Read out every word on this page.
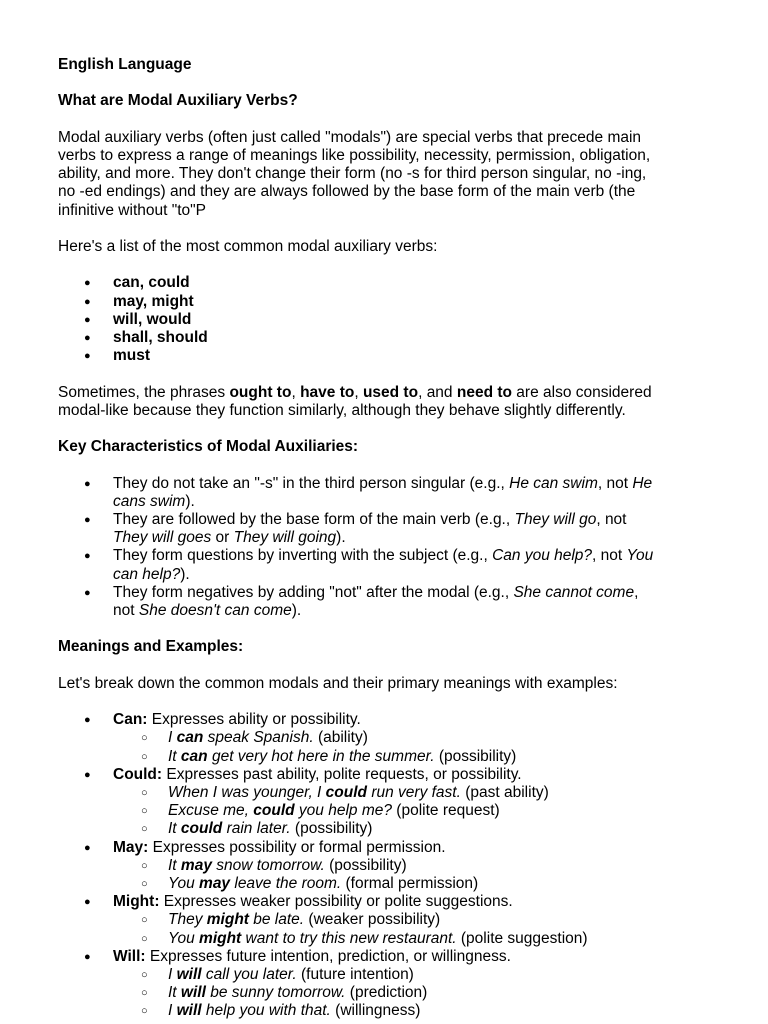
English Language

What are Modal Auxiliary Verbs?

Modal auxiliary verbs (often just called "modals") are special verbs that precede main

verbs to express a range of meanings like possibility, necessity, permission, obligation,

ability, and more. They don't change their form (no -s for third person singular, no -ing,

no -ed endings) and they are always followed by the base form of the main verb (the

infinitive without "to"P

Here's a list of the most common modal auxiliary verbs:

● can, could
● may, might
● will, would
● shall, should
● must

Sometimes, the phrases ought to, have to, used to, and need to are also considered

modal-like because they function similarly, although they behave slightly differently.

Key Characteristics of Modal Auxiliaries:

● They do not take an "-s" in the third person singular (e.g., He can swim, not He
cans swim).
● They are followed by the base form of the main verb (e.g., They will go, not
They will goes or They will going).
● They form questions by inverting with the subject (e.g., Can you help?, not You
can help?).
● They form negatives by adding "not" after the modal (e.g., She cannot come,
not She doesn't can come).

Meanings and Examples:

Let's break down the common modals and their primary meanings with examples:

● Can: Expresses ability or possibility.
○ I can speak Spanish. (ability)
○ It can get very hot here in the summer. (possibility)
● Could: Expresses past ability, polite requests, or possibility.
○ When I was younger, I could run very fast. (past ability)
○ Excuse me, could you help me? (polite request)
○ It could rain later. (possibility)
● May: Expresses possibility or formal permission.
○ It may snow tomorrow. (possibility)
○ You may leave the room. (formal permission)
● Might: Expresses weaker possibility or polite suggestions.
○ They might be late. (weaker possibility)
○ You might want to try this new restaurant. (polite suggestion)
● Will: Expresses future intention, prediction, or willingness.
○ I will call you later. (future intention)
○ It will be sunny tomorrow. (prediction)
○ I will help you with that. (willingness)
